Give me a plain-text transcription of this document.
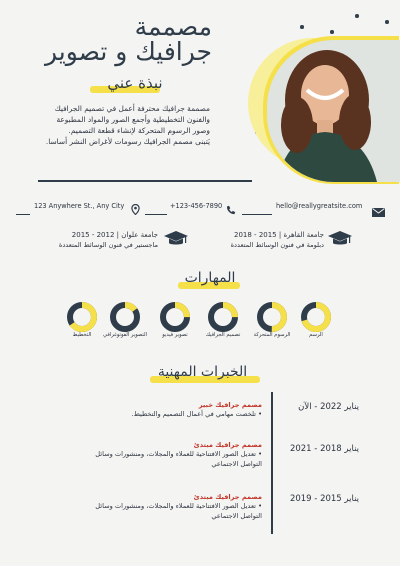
مصممة
جرافيك و تصوير
نبذة عني

مصممة جرافيك محترفة أعمل في تصميم الجرافيك والفنون التخطيطية وأجمع الصور والمواد المطبوعة وصور الرسوم المتحركة لإنشاء قطعة التصميم.

يَتبنى مصمم الجرافيك رسومات لأغراض النشر أساسا.

123 Anywhere St., Any City	+123-456-7890	hello@reallygreatsite.com
جامعة القاهرة | 2015 - 2018
دبلومة في فنون الوسائط المتعددة
جامعة علوان | 2012 - 2015
ماجستير في فنون الوسائط المتعددة
المهارات
الرسم
الرسوم المتحركة
تصميم الجرافيك
تصوير فيديو
التصوير الفوتوغرافي
التخطيط
الخبرات المهنية
يناير 2022 - الآن
مصمم جرافيك خبير
• تلخصت مهامي في أعمال التصميم والتخطيط.
يناير 2018 - 2021
مصمم جرافيك مبتدئ
• تعديل الصور الافتتاحية للعملاء والمجلات، ومنشورات وسائل التواصل الاجتماعي
يناير 2015 - 2019
مصمم جرافيك مبتدئ
• تعديل الصور الافتتاحية للعملاء والمجلات، ومنشورات وسائل التواصل الاجتماعي
